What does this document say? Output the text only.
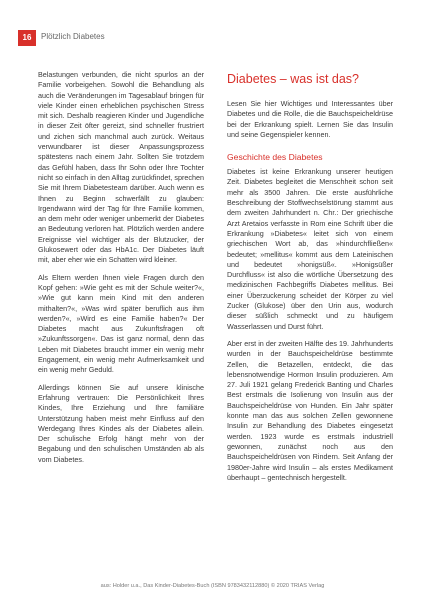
16	Plötzlich Diabetes

Belastungen verbunden, die nicht spurlos an der Familie vorbeigehen. Sowohl die Behandlung als auch die Veränderungen im Tagesablauf bringen für viele Kinder einen erheblichen psychischen Stress mit sich. Deshalb reagieren Kinder und Jugendliche in dieser Zeit öfter gereizt, sind schneller frustriert und zichen sich manchmal auch zurück. Weitaus verwundbarer ist dieser Anpassungsprozess spätestens nach einem Jahr. Sollten Sie trotzdem das Gefühl haben, dass Ihr Sohn oder Ihre Tochter nicht so einfach in den Alltag zurückfindet, sprechen Sie mit Ihrem Diabetesteam darüber. Auch wenn es Ihnen zu Beginn schwerfällt zu glauben: Irgendwann wird der Tag für Ihre Familie kommen, an dem mehr oder weniger unbemerkt der Diabetes an Bedeutung verloren hat. Plötzlich werden andere Ereignisse viel wichtiger als der Blutzucker, der Glukosewert oder das HbA1c. Der Diabetes läuft mit, aber eher wie ein Schatten wird kleiner.

Als Eltern werden Ihnen viele Fragen durch den Kopf gehen: »Wie geht es mit der Schule weiter?«, »Wie gut kann mein Kind mit den anderen mithalten?«, »Was wird später beruflich aus ihm werden?«, »Wird es eine Familie haben?« Der Diabetes macht aus Zukunftsfragen oft »Zukunftssorgen«. Das ist ganz normal, denn das Leben mit Diabetes braucht immer ein wenig mehr Engagement, ein wenig mehr Aufmerksamkeit und ein wenig mehr Geduld.

Allerdings können Sie auf unsere klinische Erfahrung vertrauen: Die Persönlichkeit Ihres Kindes, Ihre Erziehung und Ihre familiäre Unterstützung haben meist mehr Einfluss auf den Werdegang Ihres Kindes als der Diabetes allein. Der schulische Erfolg hängt mehr von der Begabung und den schulischen Umständen ab als vom Diabetes.

Diabetes – was ist das?

Lesen Sie hier Wichtiges und Interessantes über Diabetes und die Rolle, die die Bauchspeicheldrüse bei der Erkrankung spielt. Lernen Sie das Insulin und seine Gegenspieler kennen.

Geschichte des Diabetes

Diabetes ist keine Erkrankung unserer heutigen Zeit. Diabetes begleitet die Menschheit schon seit mehr als 3500 Jahren. Die erste ausführliche Beschreibung der Stoffwechselstörung stammt aus dem zweiten Jahrhundert n. Chr.: Der griechische Arzt Aretaios verfasste in Rom eine Schrift über die Erkrankung »Diabetes« leitet sich von einem griechischen Wort ab, das »hindurchfließen« bedeutet; »mellitus« kommt aus dem Lateinischen und bedeutet »honigsüß«. »Honigsüßer Durchfluss« ist also die wörtliche Übersetzung des medizinischen Fachbegriffs Diabetes mellitus. Bei einer Überzuckerung scheidet der Körper zu viel Zucker (Glukose) über den Urin aus, wodurch dieser süßlich schmeckt und zu häufigem Wasserlassen und Durst führt.

Aber erst in der zweiten Hälfte des 19. Jahrhunderts wurden in der Bauchspeicheldrüse bestimmte Zellen, die Betazellen, entdeckt, die das lebensnotwendige Hormon Insulin produzieren. Am 27. Juli 1921 gelang Frederick Banting und Charles Best erstmals die Isolierung von Insulin aus der Bauchspeicheldrüse von Hunden. Ein Jahr später konnte man das aus solchen Zellen gewonnene Insulin zur Behandlung des Diabetes eingesetzt werden. 1923 wurde es erstmals industriell gewonnen, zunächst noch aus den Bauchspeicheldrüsen von Rindern. Seit Anfang der 1980er-Jahre wird Insulin – als erstes Medikament überhaupt – gentechnisch hergestellt.

aus: Holder u.a., Das Kinder-Diabetes-Buch (ISBN 9783432112880) © 2020 TRIAS Verlag
